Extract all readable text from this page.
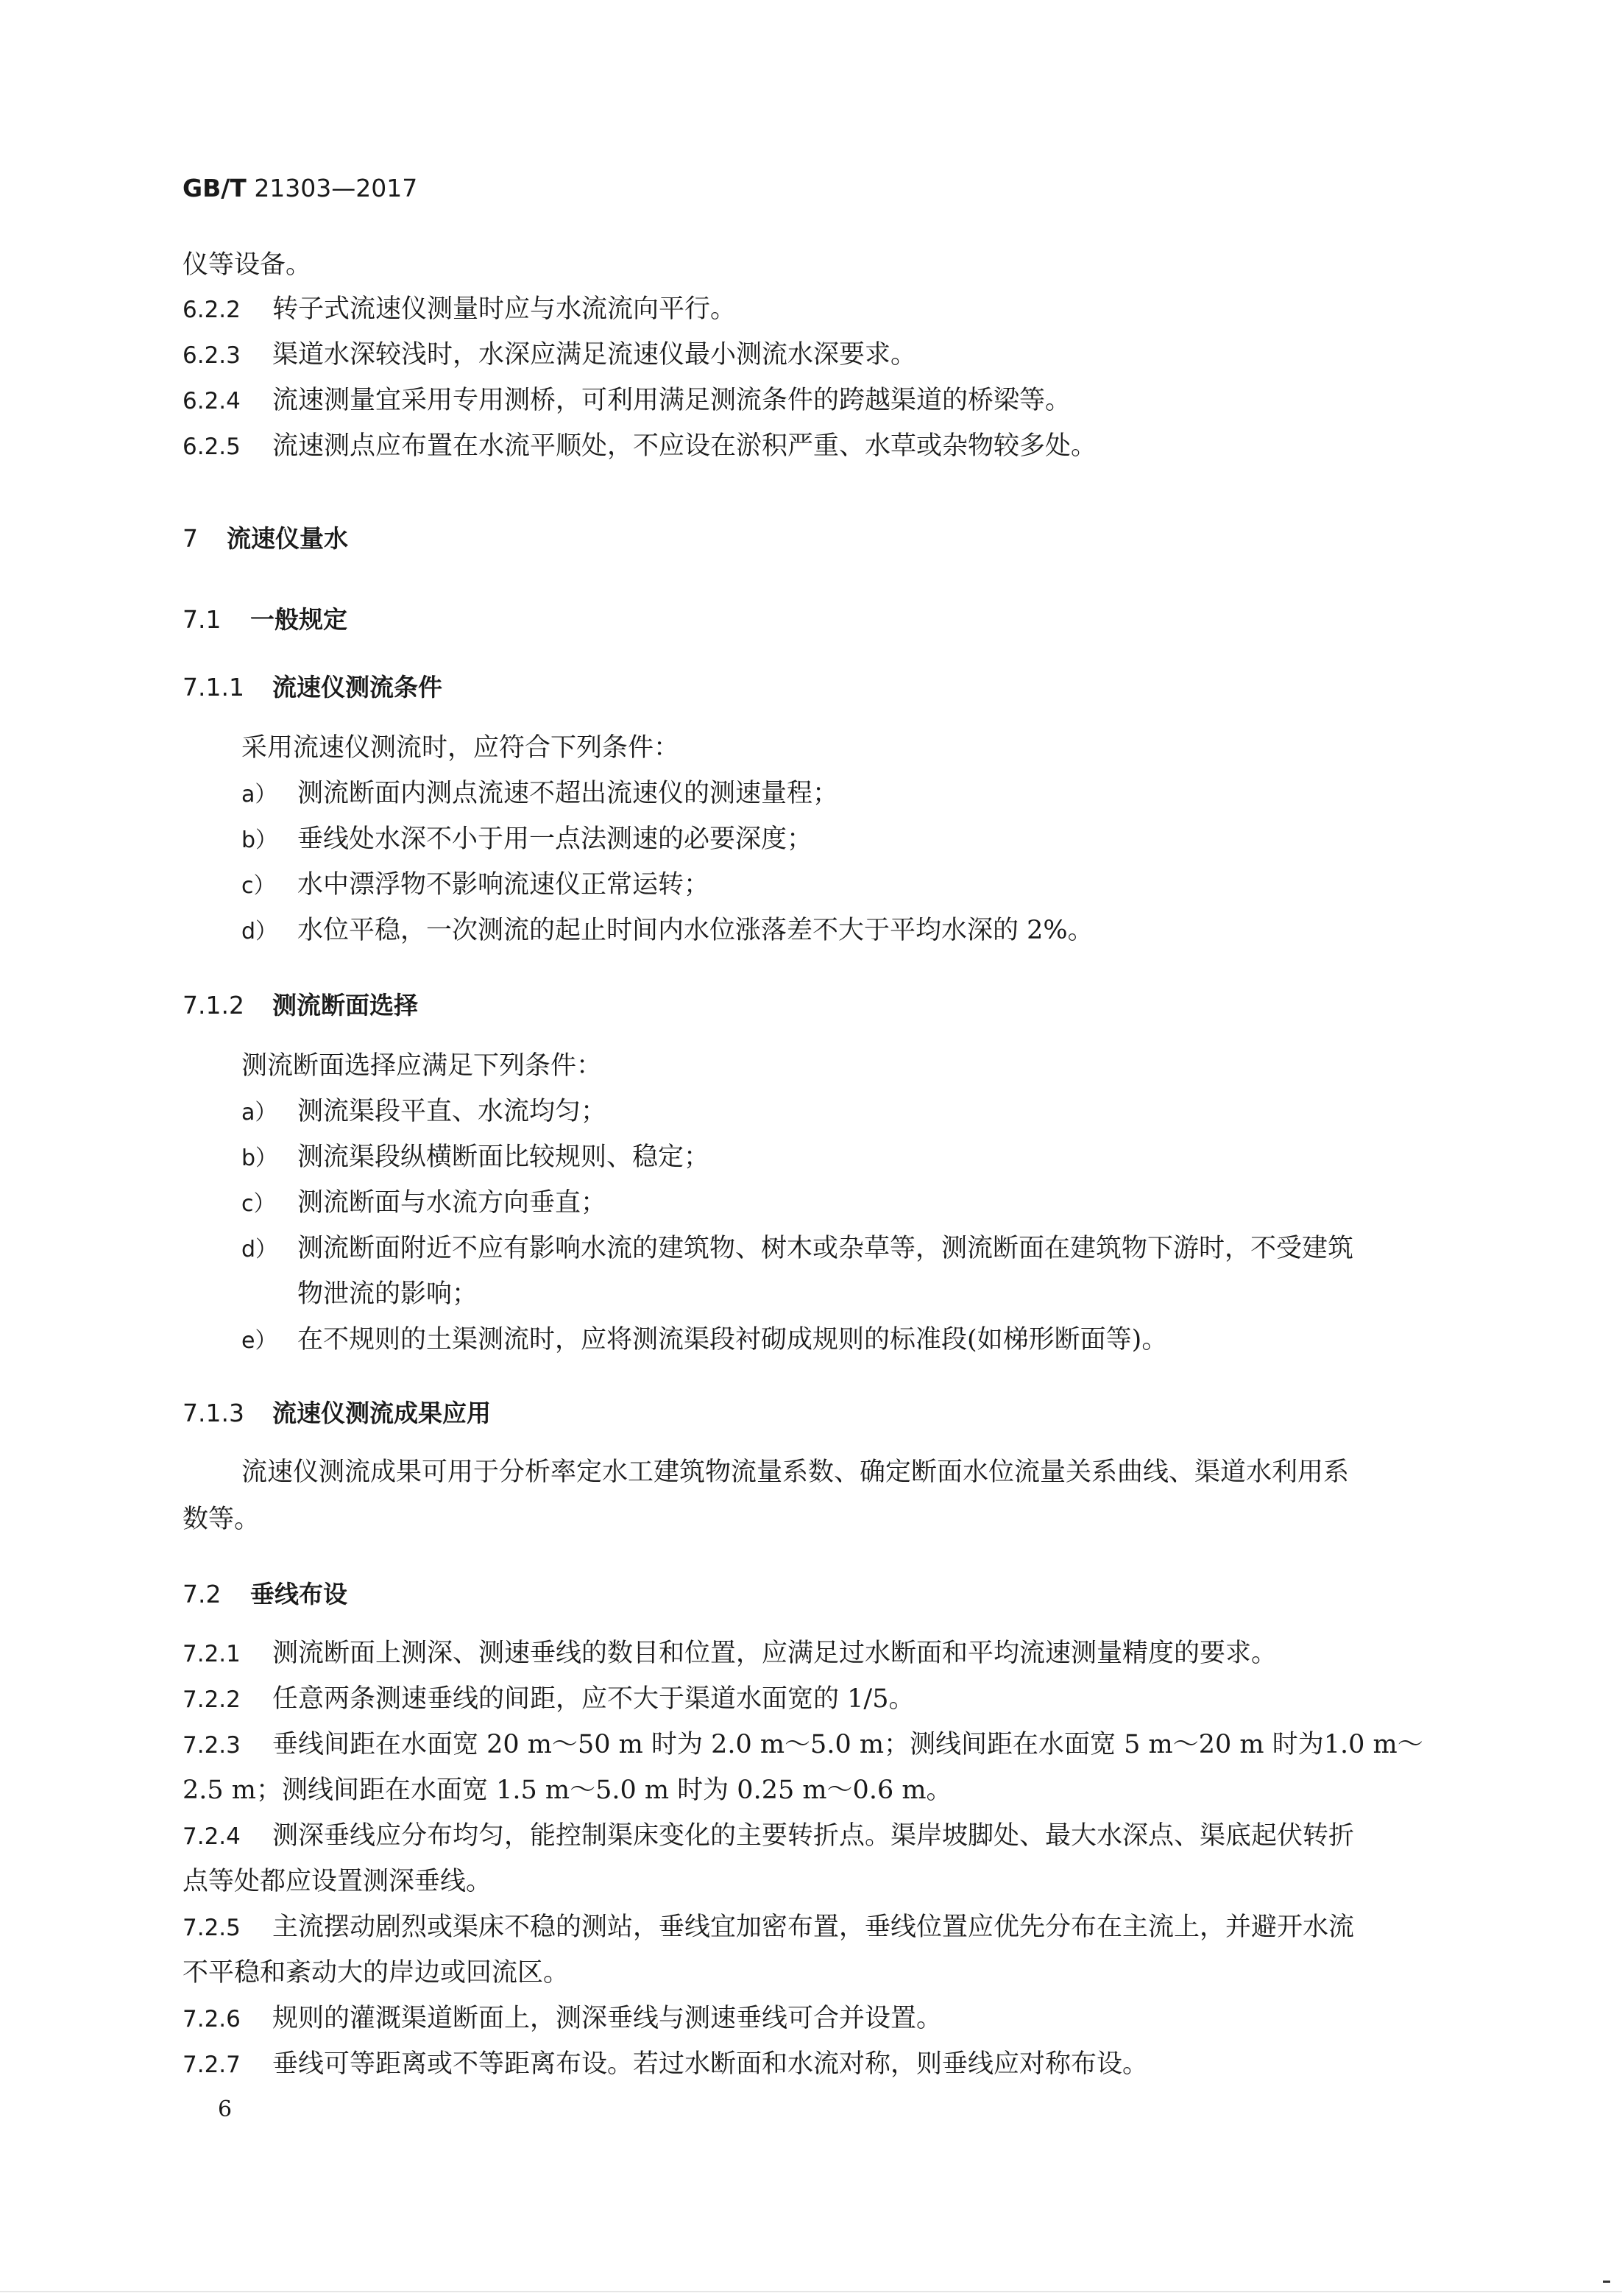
GB/T 21303—2017
仪等设备。
6.2.2 转子式流速仪测量时应与水流流向平行。
6.2.3 渠道水深较浅时，水深应满足流速仪最小测流水深要求。
6.2.4 流速测量宜采用专用测桥，可利用满足测流条件的跨越渠道的桥梁等。
6.2.5 流速测点应布置在水流平顺处，不应设在淤积严重、水草或杂物较多处。
7 流速仪量水
7.1 一般规定
7.1.1 流速仪测流条件
采用流速仪测流时，应符合下列条件：
a） 测流断面内测点流速不超出流速仪的测速量程；
b） 垂线处水深不小于用一点法测速的必要深度；
c） 水中漂浮物不影响流速仪正常运转；
d） 水位平稳，一次测流的起止时间内水位涨落差不大于平均水深的 2%。
7.1.2 测流断面选择
测流断面选择应满足下列条件：
a） 测流渠段平直、水流均匀；
b） 测流渠段纵横断面比较规则、稳定；
c） 测流断面与水流方向垂直；
d） 测流断面附近不应有影响水流的建筑物、树木或杂草等，测流断面在建筑物下游时，不受建筑
物泄流的影响；
e） 在不规则的土渠测流时，应将测流渠段衬砌成规则的标准段(如梯形断面等)。
7.1.3 流速仪测流成果应用
流速仪测流成果可用于分析率定水工建筑物流量系数、确定断面水位流量关系曲线、渠道水利用系
数等。
7.2 垂线布设
7.2.1 测流断面上测深、测速垂线的数目和位置，应满足过水断面和平均流速测量精度的要求。
7.2.2 任意两条测速垂线的间距，应不大于渠道水面宽的 1/5。
7.2.3 垂线间距在水面宽 20 m～50 m 时为 2.0 m～5.0 m；测线间距在水面宽 5 m～20 m 时为1.0 m～
2.5 m；测线间距在水面宽 1.5 m～5.0 m 时为 0.25 m～0.6 m。
7.2.4 测深垂线应分布均匀，能控制渠床变化的主要转折点。渠岸坡脚处、最大水深点、渠底起伏转折
点等处都应设置测深垂线。
7.2.5 主流摆动剧烈或渠床不稳的测站，垂线宜加密布置，垂线位置应优先分布在主流上，并避开水流
不平稳和紊动大的岸边或回流区。
7.2.6 规则的灌溉渠道断面上，测深垂线与测速垂线可合并设置。
7.2.7 垂线可等距离或不等距离布设。若过水断面和水流对称，则垂线应对称布设。
6
